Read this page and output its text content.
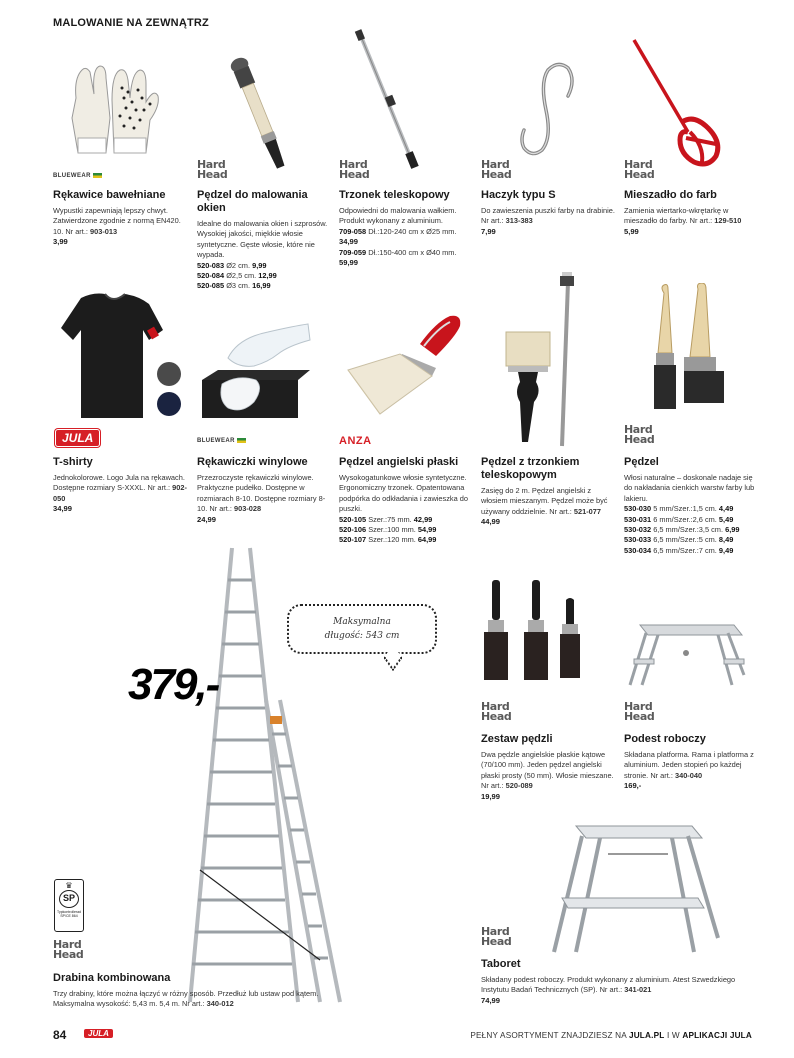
MALOWANIE NA ZEWNĄTRZ
BLUEWEAR
Rękawice bawełniane
Wypustki zapewniają lepszy chwyt. Zatwierdzone zgodnie z normą EN420. 10. Nr art.: 903-013
3,99
Hard
Head
Pędzel do malowania okien
Idealne do malowania okien i szprosów. Wysokiej jakości, miękkie włosie syntetyczne. Gęste włosie, które nie wypada.
520-083 Ø2 cm. 9,99
520-084 Ø2,5 cm. 12,99
520-085 Ø3 cm. 16,99
Hard
Head
Trzonek teleskopowy
Odpowiedni do malowania wałkiem. Produkt wykonany z aluminium.
709-058 Dł.:120-240 cm x Ø25 mm.
34,99
709-059 Dł.:150-400 cm x Ø40 mm.
59,99
Hard
Head
Haczyk typu S
Do zawieszenia puszki farby na drabinie. Nr art.: 313-383
7,99
Hard
Head
Mieszadło do farb
Zamienia wiertarko-wkrętarkę w mieszadło do farby. Nr art.: 129-510
5,99
JULA
T-shirty
Jednokolorowe. Logo Jula na rękawach. Dostępne rozmiary S-XXXL. Nr art.: 902-050
34,99
BLUEWEAR
Rękawiczki winylowe
Przezroczyste rękawiczki winylowe. Praktyczne pudełko. Dostępne w rozmiarach 8-10. Dostępne rozmiary 8-10. Nr art.: 903-028
24,99
ANZA
Pędzel angielski płaski
Wysokogatunkowe włosie syntetyczne. Ergonomiczny trzonek. Opatentowana podpórka do odkładania i zawieszka do puszki.
520-105 Szer.:75 mm. 42,99
520-106 Szer.:100 mm. 54,99
520-107 Szer.:120 mm. 64,99
Pędzel z trzonkiem teleskopowym
Zasięg do 2 m. Pędzel angielski z włosiem mieszanym. Pędzel może być używany oddzielnie. Nr art.: 521-077
44,99
Hard
Head
Pędzel
Włosi naturalne – doskonale nadaje się do nakładania cienkich warstw farby lub lakieru.
530-030 5 mm/Szer.:1,5 cm. 4,49
530-031 6 mm/Szer.:2,6 cm. 5,49
530-032 6,5 mm/Szer.:3,5 cm. 6,99
530-033 6,5 mm/Szer.:5 cm. 8,49
530-034 6,5 mm/Szer.:7 cm. 9,49
379,-
Maksymalna
długość: 543 cm
♛
SP
Typkontrollerad SP/CE 864
Hard
Head
Drabina kombinowana
Trzy drabiny, które można łączyć w różny sposób. Przedłuż lub ustaw pod kątem. Maksymalna wysokość: 5,43 m. 5,4 m. Nr art.: 340-012
Hard
Head
Zestaw pędzli
Dwa pędzle angielskie płaskie kątowe (70/100 mm). Jeden pędzel angielski płaski prosty (50 mm). Włosie mieszane. Nr art.: 520-089
19,99
Hard
Head
Podest roboczy
Składana platforma. Rama i platforma z aluminium. Jeden stopień po każdej stronie. Nr art.: 340-040
169,-
Hard
Head
Taboret
Składany podest roboczy. Produkt wykonany z aluminium. Atest Szwedzkiego Instytutu Badań Technicznych (SP). Nr art.: 341-021
74,99
84	JULA	PEŁNY ASORTYMENT ZNAJDZIESZ NA JULA.PL I W APLIKACJI JULA
